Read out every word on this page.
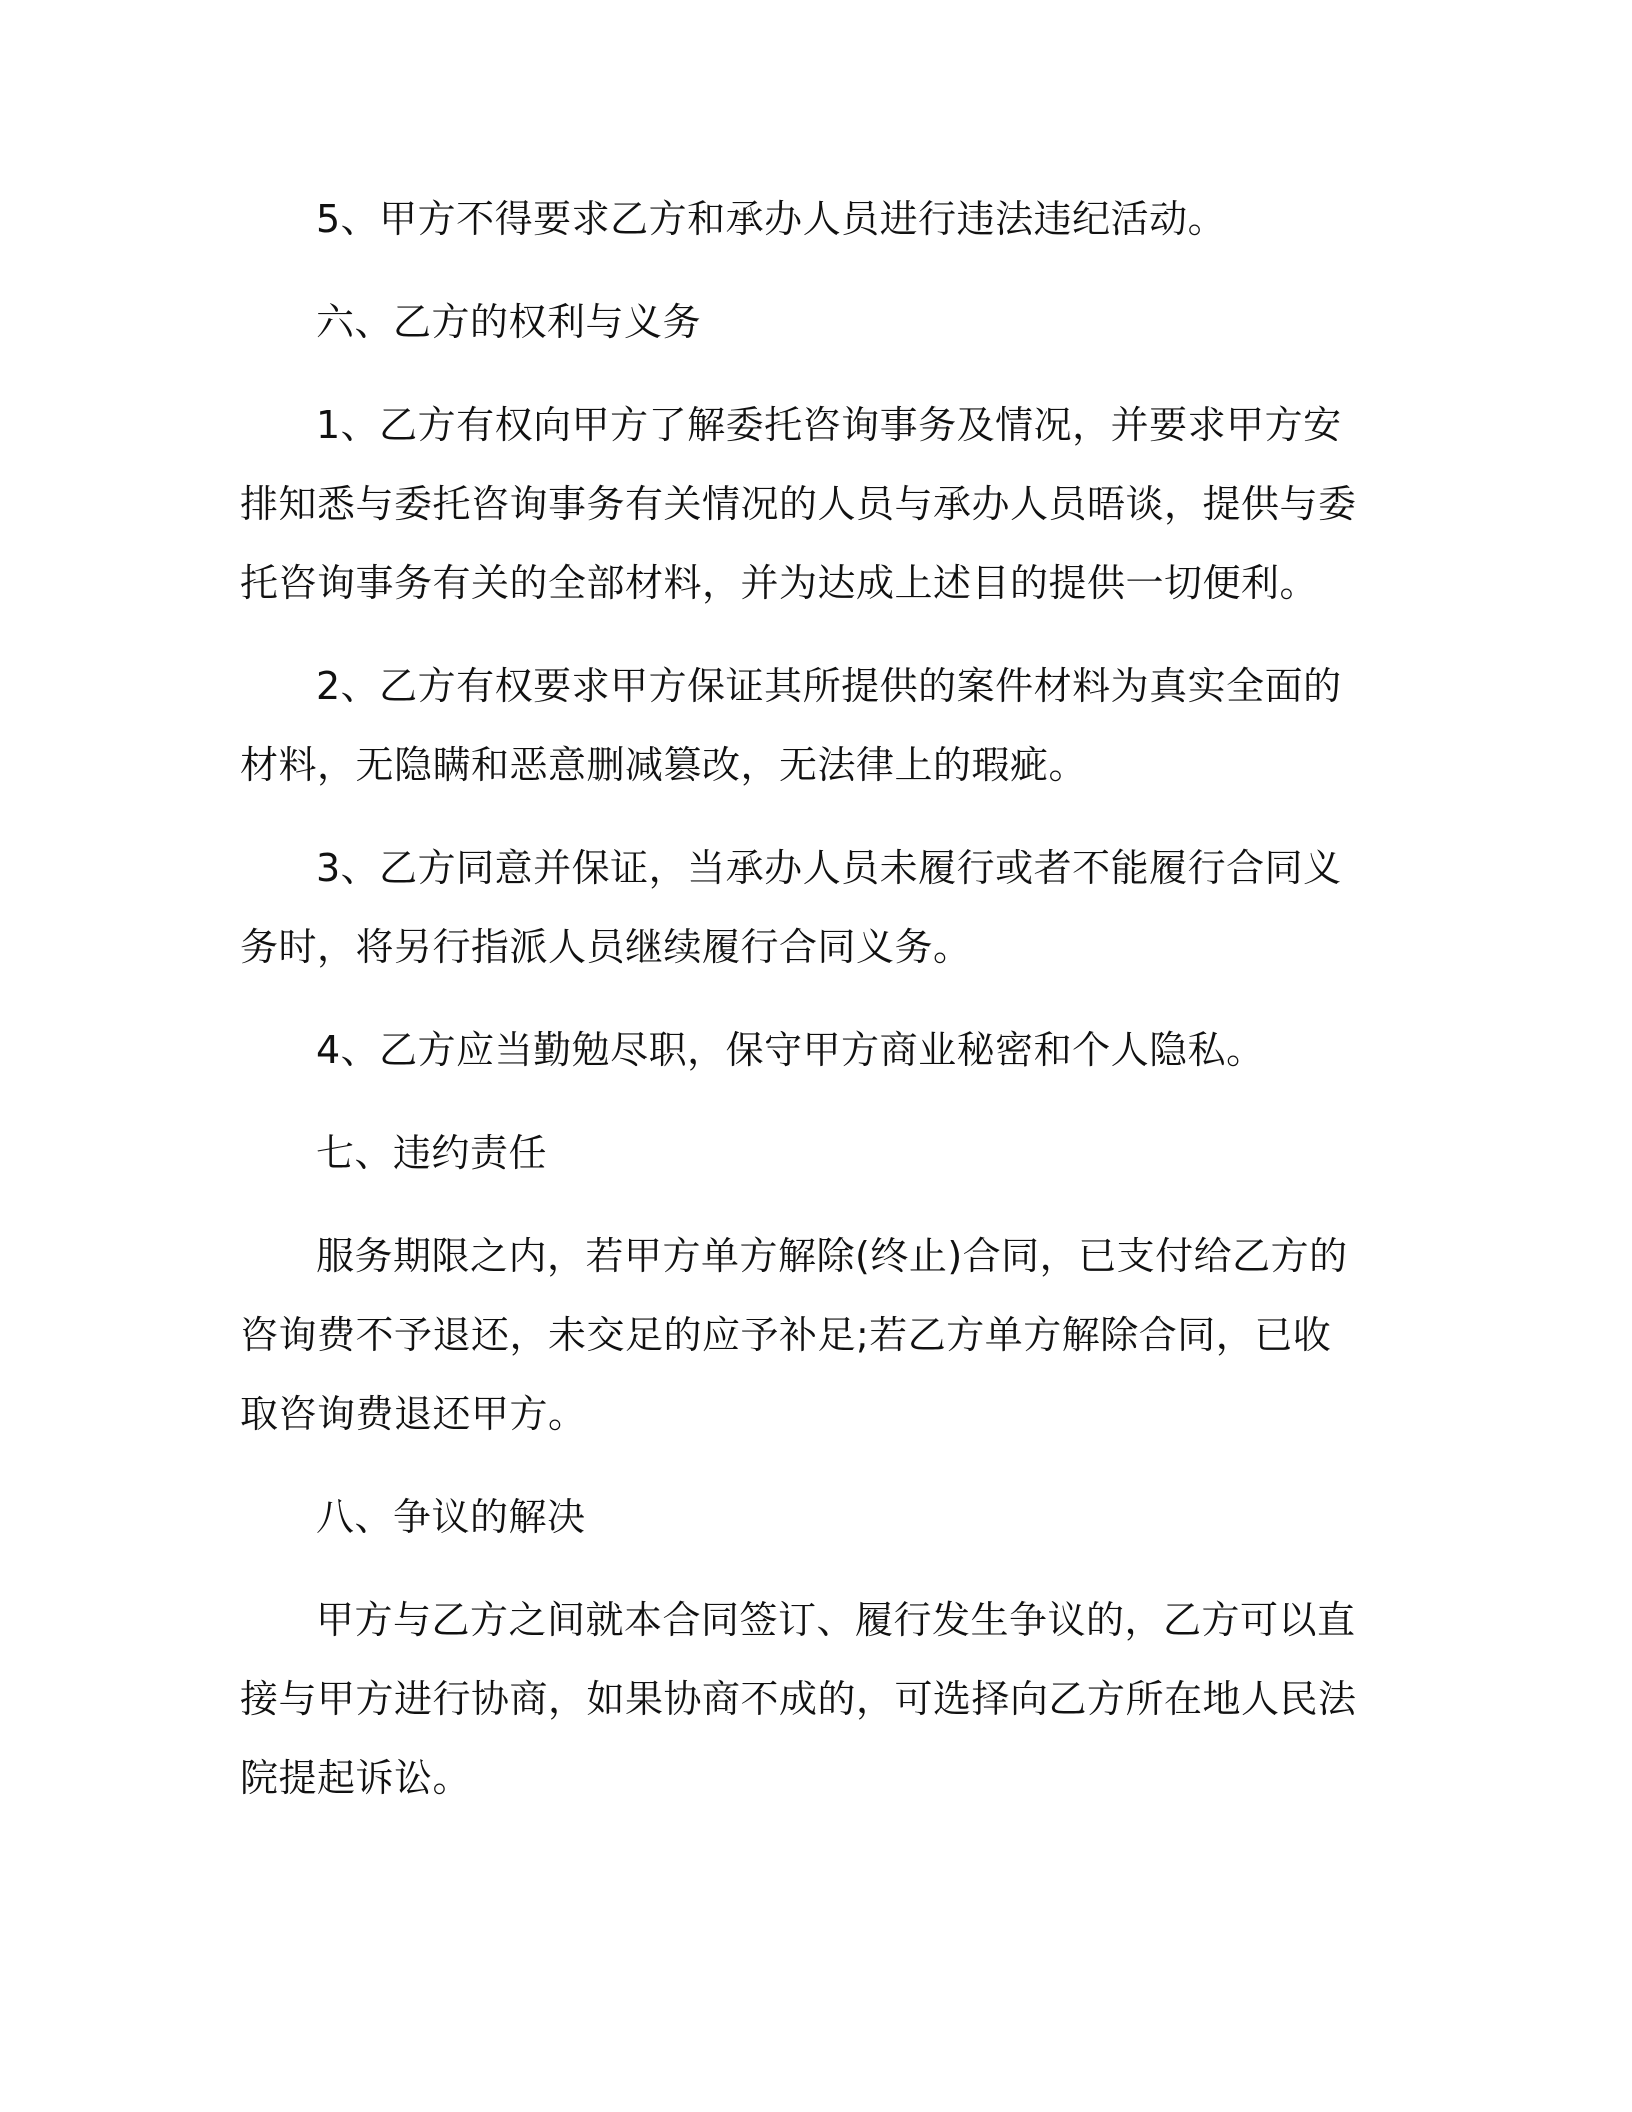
5、甲方不得要求乙方和承办人员进行违法违纪活动。

六、乙方的权利与义务

1、乙方有权向甲方了解委托咨询事务及情况，并要求甲方安排知悉与委托咨询事务有关情况的人员与承办人员晤谈，提供与委托咨询事务有关的全部材料，并为达成上述目的提供一切便利。

2、乙方有权要求甲方保证其所提供的案件材料为真实全面的材料，无隐瞒和恶意删减篡改，无法律上的瑕疵。

3、乙方同意并保证，当承办人员未履行或者不能履行合同义务时，将另行指派人员继续履行合同义务。

4、乙方应当勤勉尽职，保守甲方商业秘密和个人隐私。

七、违约责任

服务期限之内，若甲方单方解除(终止)合同，已支付给乙方的咨询费不予退还，未交足的应予补足;若乙方单方解除合同，已收取咨询费退还甲方。

八、争议的解决

甲方与乙方之间就本合同签订、履行发生争议的，乙方可以直接与甲方进行协商，如果协商不成的，可选择向乙方所在地人民法院提起诉讼。
